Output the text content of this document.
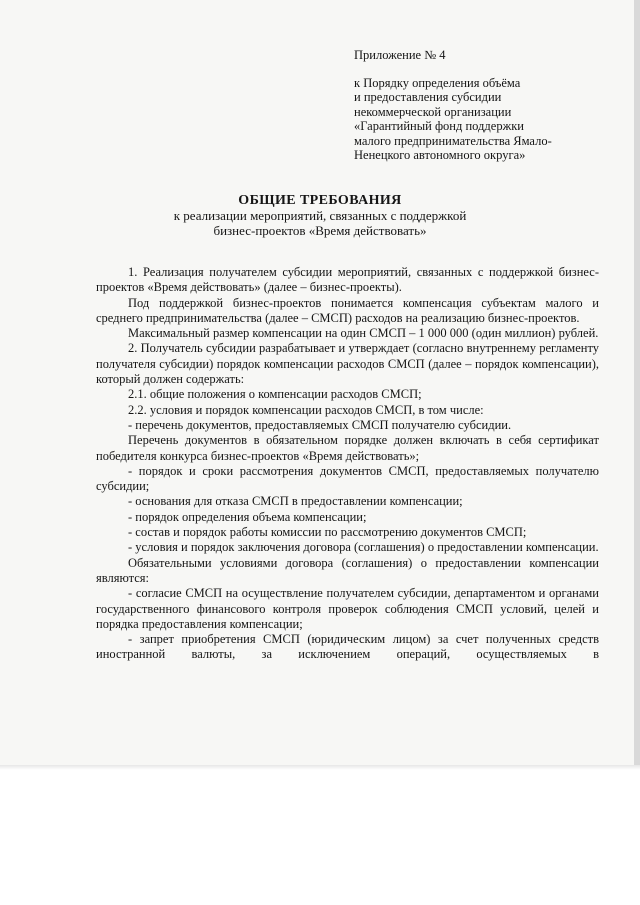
Приложение № 4
к Порядку определения объёма
и предоставления субсидии
некоммерческой организации
«Гарантийный фонд поддержки
малого предпринимательства Ямало-
Ненецкого автономного округа»
ОБЩИЕ ТРЕБОВАНИЯ
к реализации мероприятий, связанных с поддержкой
бизнес-проектов «Время действовать»

1. Реализация получателем субсидии мероприятий, связанных с поддержкой бизнес-проектов «Время действовать» (далее – бизнес-проекты).

Под поддержкой бизнес-проектов понимается компенсация субъектам малого и среднего предпринимательства (далее – СМСП) расходов на реализацию бизнес-проектов.

Максимальный размер компенсации на один СМСП – 1 000 000 (один миллион) рублей.

2. Получатель субсидии разрабатывает и утверждает (согласно внутреннему регламенту получателя субсидии) порядок компенсации расходов СМСП (далее – порядок компенсации), который должен содержать:

2.1. общие положения о компенсации расходов СМСП;

2.2. условия и порядок компенсации расходов СМСП, в том числе:

- перечень документов, предоставляемых СМСП получателю субсидии.

Перечень документов в обязательном порядке должен включать в себя сертификат победителя конкурса бизнес-проектов «Время действовать»;

- порядок и сроки рассмотрения документов СМСП, предоставляемых получателю субсидии;

- основания для отказа СМСП в предоставлении компенсации;

- порядок определения объема компенсации;

- состав и порядок работы комиссии по рассмотрению документов СМСП;

- условия и порядок заключения договора (соглашения) о предоставлении компенсации.

Обязательными условиями договора (соглашения) о предоставлении компенсации являются:

- согласие СМСП на осуществление получателем субсидии, департаментом и органами государственного финансового контроля проверок соблюдения СМСП условий, целей и порядка предоставления компенсации;

- запрет приобретения СМСП (юридическим лицом) за счет полученных средств иностранной валюты, за исключением операций, осуществляемых в
